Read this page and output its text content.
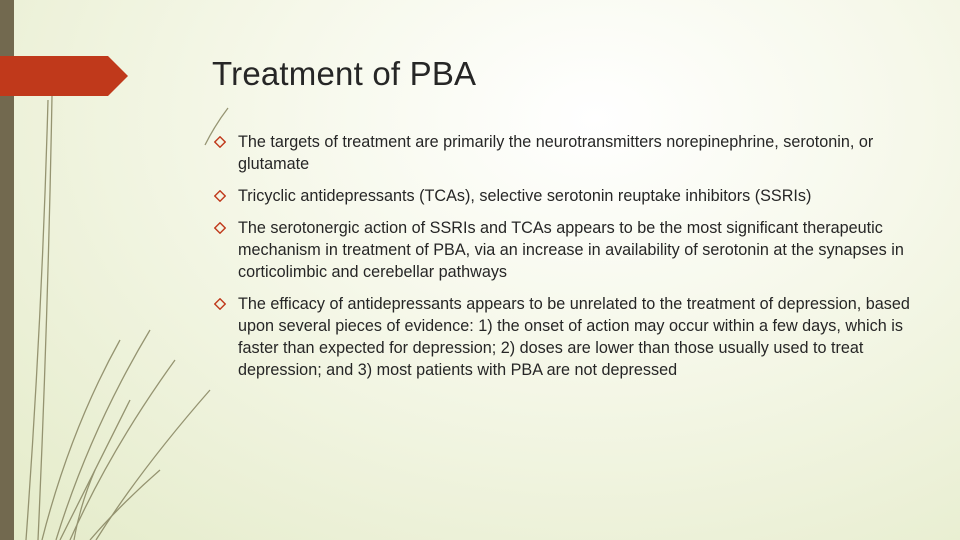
Treatment of PBA
The targets of treatment are primarily the neurotransmitters norepinephrine, serotonin, or glutamate
Tricyclic antidepressants (TCAs), selective serotonin reuptake inhibitors (SSRIs)
The serotonergic action of SSRIs and TCAs appears to be the most significant therapeutic mechanism in treatment of PBA, via an increase in availability of serotonin at the synapses in corticolimbic and cerebellar pathways
The efficacy of antidepressants appears to be unrelated to the treatment of depression, based upon several pieces of evidence: 1) the onset of action may occur within a few days, which is faster than expected for depression; 2) doses are lower than those usually used to treat depression; and 3) most patients with PBA are not depressed
